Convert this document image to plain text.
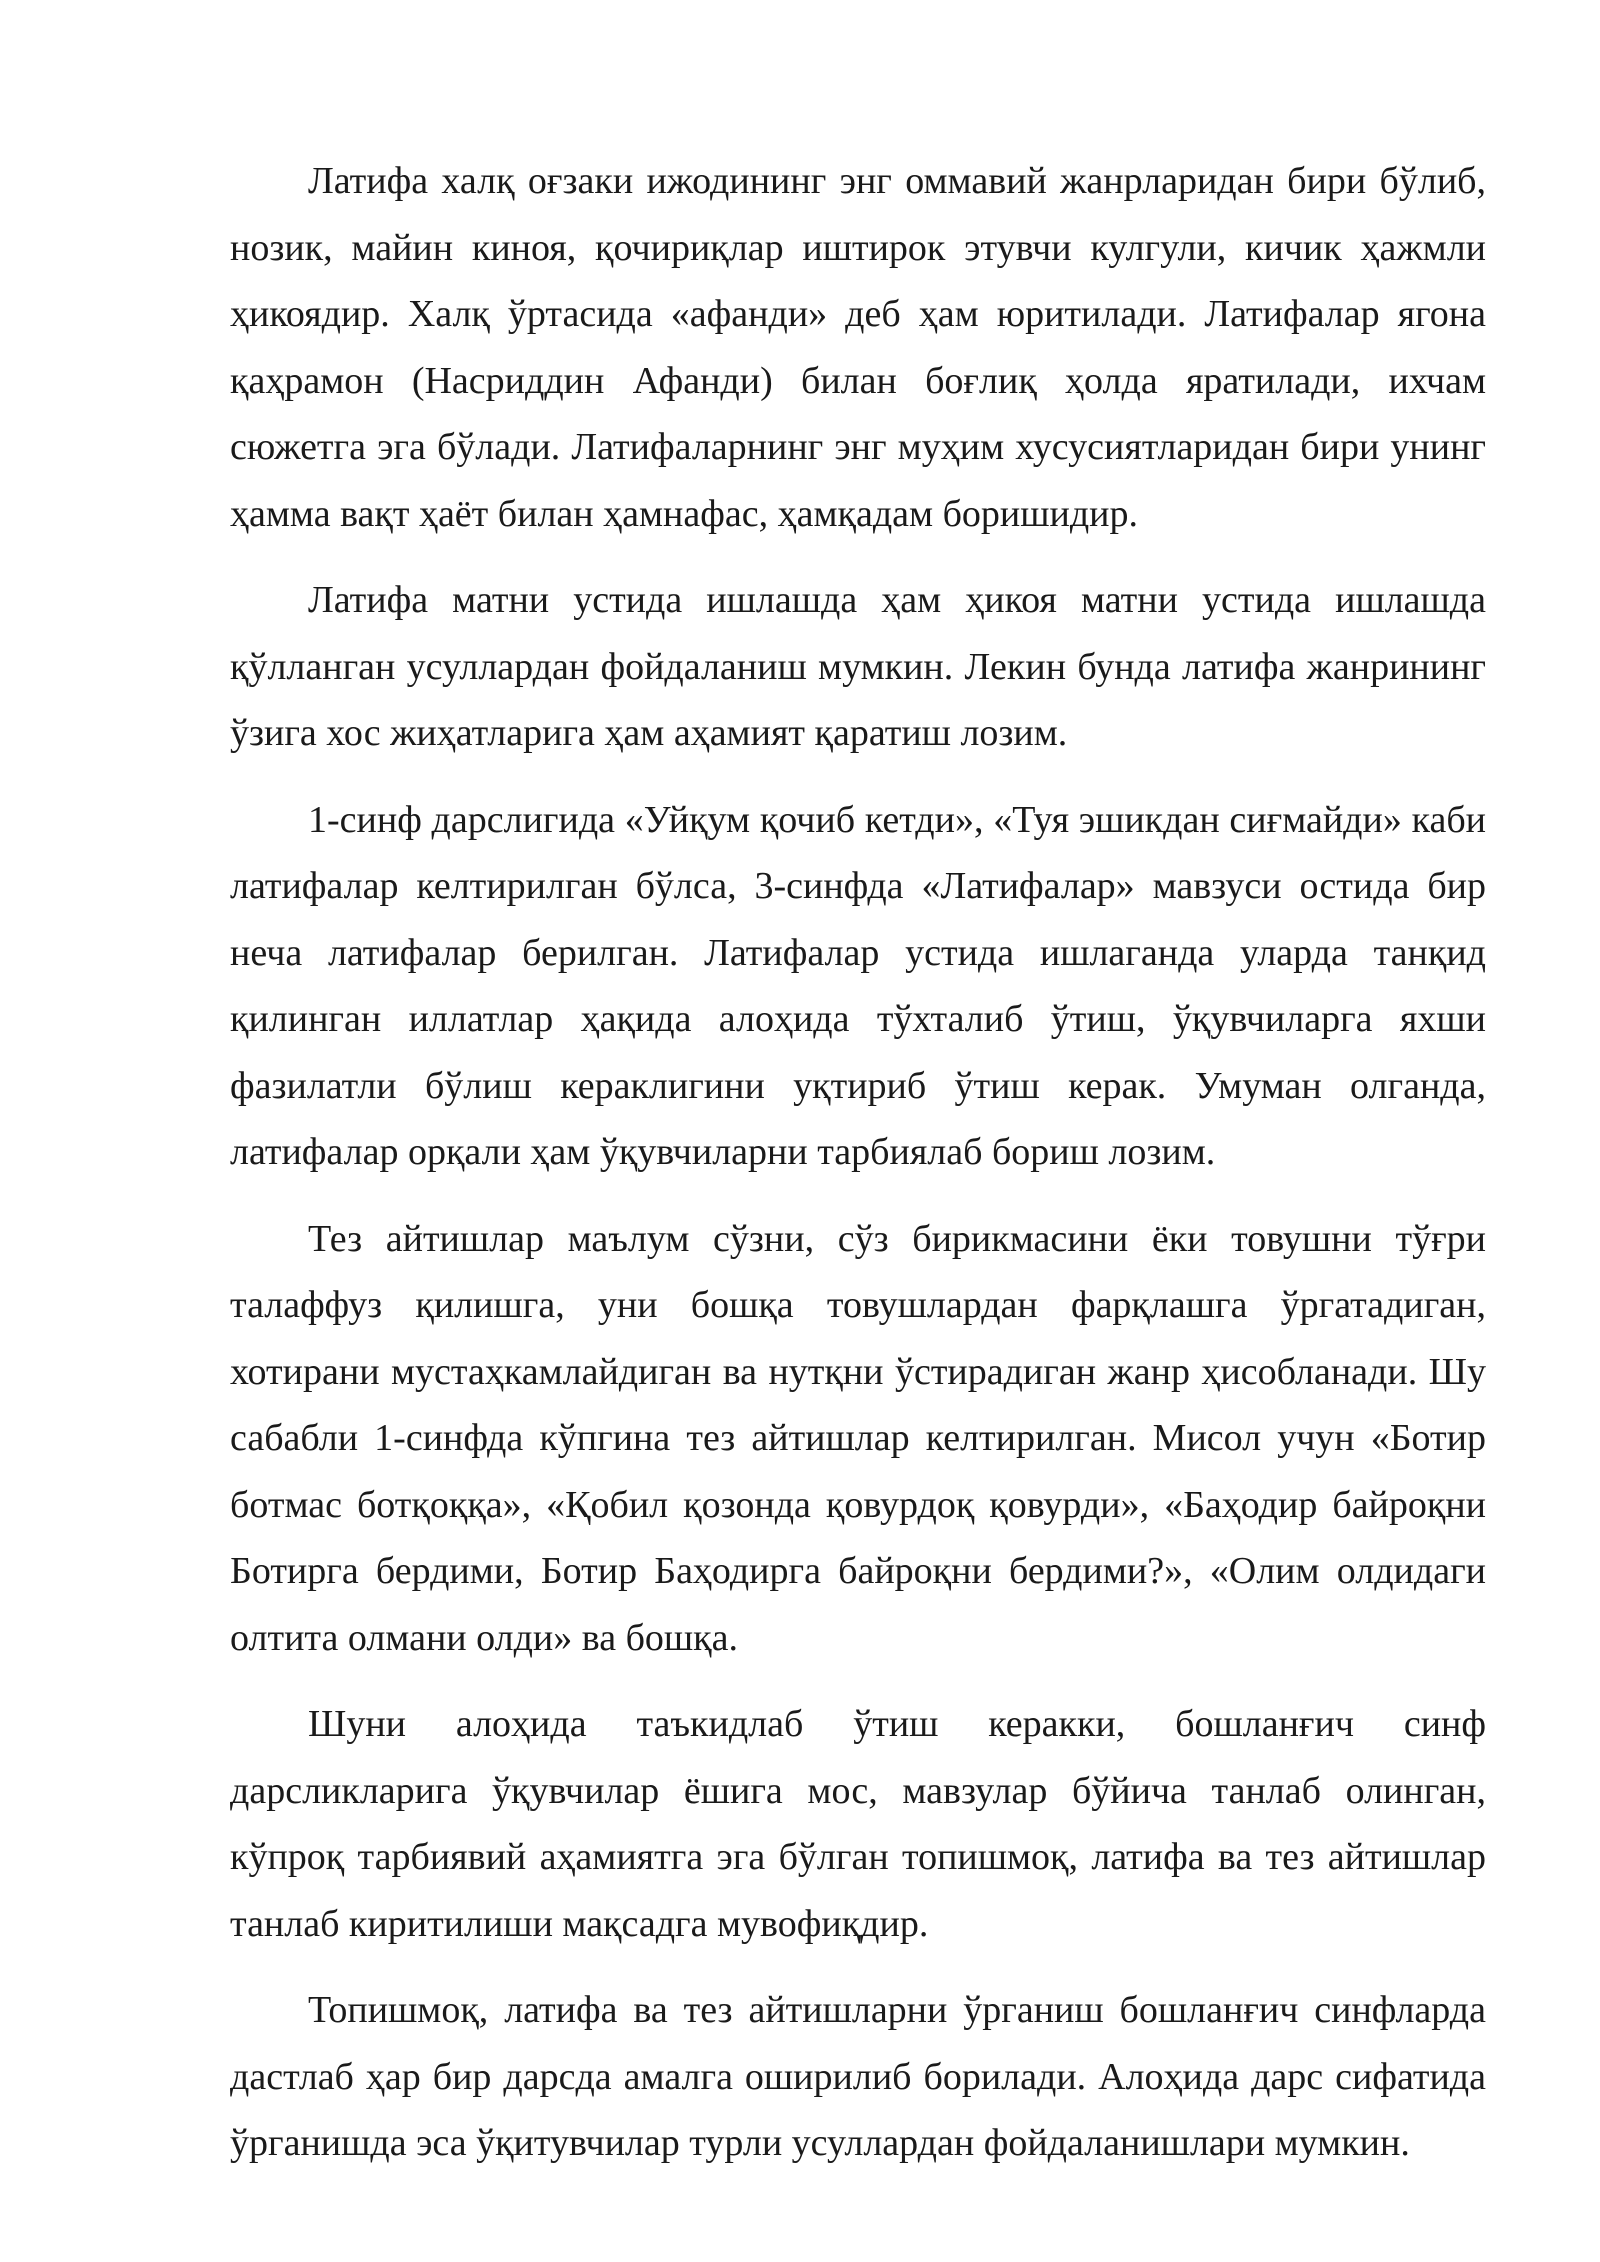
Латифа халқ оғзаки ижодининг энг оммавий жанрларидан бири бўлиб, нозик, майин киноя, қочириқлар иштирок этувчи кулгули, кичик ҳажмли ҳикоядир. Халқ ўртасида «афанди» деб ҳам юритилади. Латифалар ягона қаҳрамон (Насриддин Афанди) билан боғлиқ ҳолда яратилади, ихчам сюжетга эга бўлади. Латифаларнинг энг муҳим хусусиятларидан бири унинг ҳамма вақт ҳаёт билан ҳамнафас, ҳамқадам боришидир.

Латифа матни устида ишлашда ҳам ҳикоя матни устида ишлашда қўлланган усуллардан фойдаланиш мумкин. Лекин бунда латифа жанрининг ўзига хос жиҳатларига ҳам аҳамият қаратиш лозим.

1-синф дарслигида «Уйқум қочиб кетди», «Туя эшикдан сиғмайди» каби латифалар келтирилган бўлса, 3-синфда «Латифалар» мавзуси остида бир неча латифалар берилган. Латифалар устида ишлаганда уларда танқид қилинган иллатлар ҳақида алоҳида тўхталиб ўтиш, ўқувчиларга яхши фазилатли бўлиш кераклигини уқтириб ўтиш керак. Умуман олганда, латифалар орқали ҳам ўқувчиларни тарбиялаб бориш лозим.

Тез айтишлар маълум сўзни, сўз бирикмасини ёки товушни тўғри талаффуз қилишга, уни бошқа товушлардан фарқлашга ўргатадиган, хотирани мустаҳкамлайдиган ва нутқни ўстирадиган жанр ҳисобланади. Шу сабабли 1-синфда кўпгина тез айтишлар келтирилган. Мисол учун «Ботир ботмас ботқоққа», «Қобил қозонда қовурдоқ қовурди», «Баҳодир байроқни Ботирга бердими, Ботир Баҳодирга байроқни бердими?», «Олим олдидаги олтита олмани олди» ва бошқа.

Шуни алоҳида таъкидлаб ўтиш керакки, бошланғич синф дарсликларига ўқувчилар ёшига мос, мавзулар бўйича танлаб олинган, кўпроқ тарбиявий аҳамиятга эга бўлган топишмоқ, латифа ва тез айтишлар танлаб киритилиши мақсадга мувофиқдир.

Топишмоқ, латифа ва тез айтишларни ўрганиш бошланғич синфларда дастлаб ҳар бир дарсда амалга оширилиб борилади. Алоҳида дарс сифатида ўрганишда эса ўқитувчилар турли усуллардан фойдаланишлари мумкин.
